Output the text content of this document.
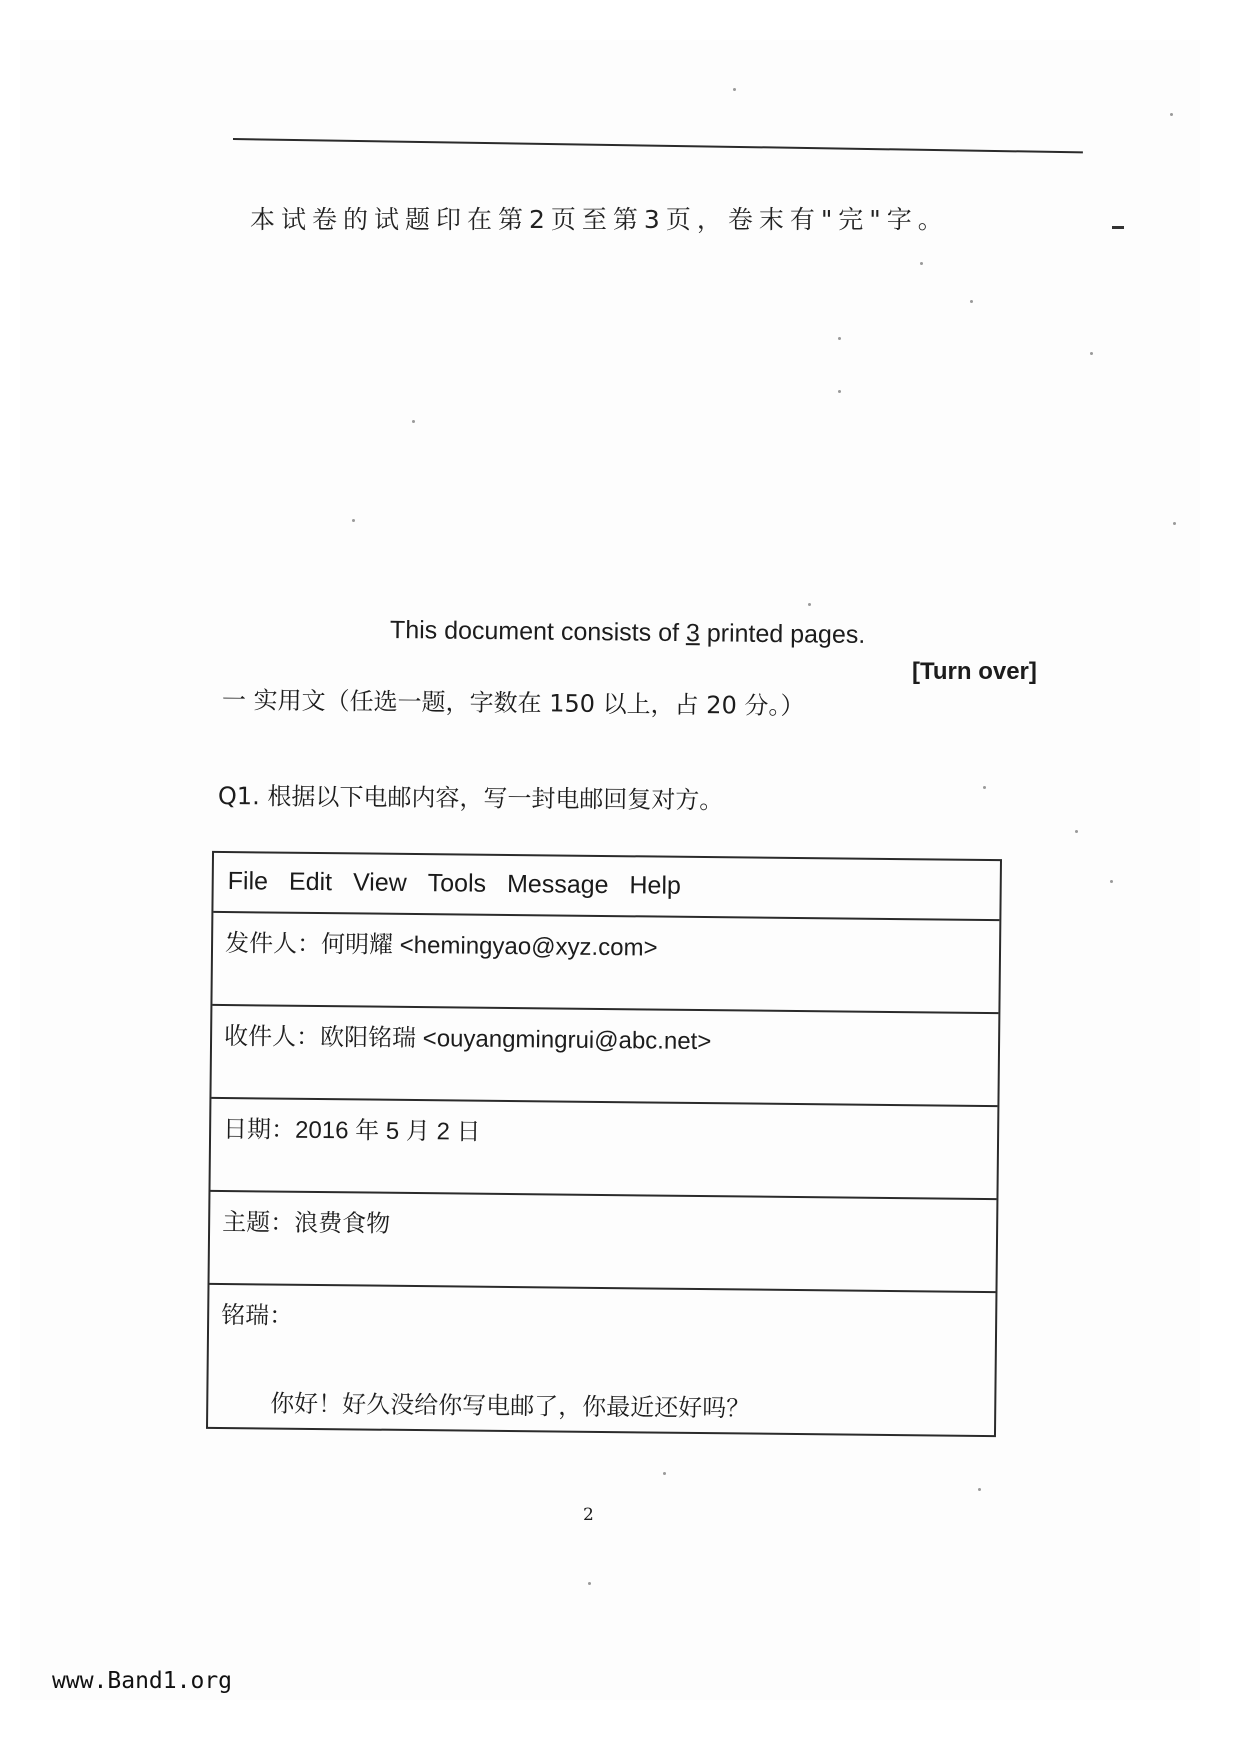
本试卷的试题印在第2页至第3页，卷末有"完"字。
This document consists of 3 printed pages.
[Turn over]
一 实用文（任选一题，字数在 150 以上，占 20 分。）
Q1. 根据以下电邮内容，写一封电邮回复对方。
File Edit View Tools Message Help
发件人：何明耀 <hemingyao@xyz.com>
收件人：欧阳铭瑞 <ouyangmingrui@abc.net>
日期：2016 年 5 月 2 日
主题：浪费食物
铭瑞：
你好！好久没给你写电邮了，你最近还好吗？
2
www.Band1.org
